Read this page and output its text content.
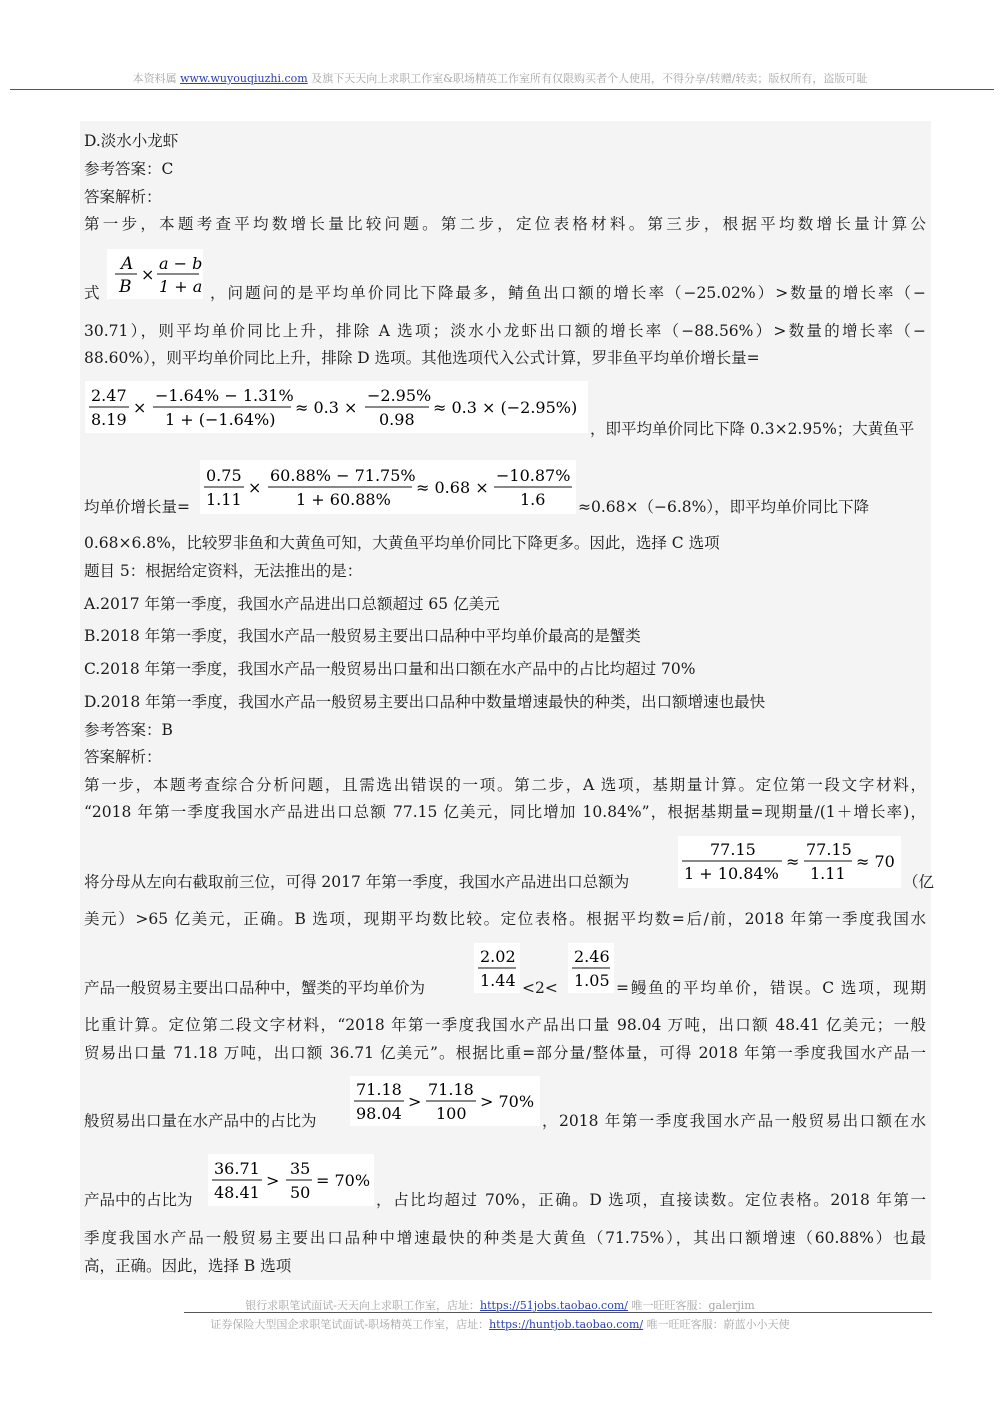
本资料属 www.wuyouqiuzhi.com 及旗下天天向上求职工作室&职场精英工作室所有仅限购买者个人使用，不得分享/转赠/转卖；版权所有，盗版可耻
D.淡水小龙虾
参考答案：C
答案解析：
第一步，本题考查平均数增长量比较问题。第二步，定位表格材料。第三步，根据平均数增长量计算公
式
A
B
×
a − b
1 + a ，问题问的是平均单价同比下降最多，鲭鱼出口额的增长率（−25.02%）>数量的增长率（−
30.71），则平均单价同比上升，排除 A 选项；淡水小龙虾出口额的增长率（−88.56%）>数量的增长率（−
88.60%），则平均单价同比上升，排除 D 选项。其他选项代入公式计算，罗非鱼平均单价增长量=
2.47
8.19
×
−1.64% − 1.31%
1 + (−1.64%)
≈ 0.3 ×
−2.95%
0.98
≈ 0.3 × (−2.95%)
，即平均单价同比下降 0.3×2.95%；大黄鱼平
均单价增长量=
0.75
1.11
×
60.88% − 71.75%
1 + 60.88%
≈ 0.68 ×
−10.87%
1.6 ≈0.68×（−6.8%），即平均单价同比下降
0.68×6.8%，比较罗非鱼和大黄鱼可知，大黄鱼平均单价同比下降更多。因此，选择 C 选项
题目 5：根据给定资料，无法推出的是：
A.2017 年第一季度，我国水产品进出口总额超过 65 亿美元
B.2018 年第一季度，我国水产品一般贸易主要出口品种中平均单价最高的是蟹类
C.2018 年第一季度，我国水产品一般贸易出口量和出口额在水产品中的占比均超过 70%
D.2018 年第一季度，我国水产品一般贸易主要出口品种中数量增速最快的种类，出口额增速也最快
参考答案：B
答案解析：
第一步，本题考查综合分析问题，且需选出错误的一项。第二步，A 选项，基期量计算。定位第一段文字材料，
“2018 年第一季度我国水产品进出口总额 77.15 亿美元，同比增加 10.84%”，根据基期量=现期量/(1＋增长率)，
将分母从左向右截取前三位，可得 2017 年第一季度，我国水产品进出口总额为
77.15
1 + 10.84%
≈
77.15
1.11
≈ 70
（亿
美元）>65 亿美元，正确。B 选项，现期平均数比较。定位表格。根据平均数=后/前，2018 年第一季度我国水
产品一般贸易主要出口品种中，蟹类的平均单价为
2.02
1.44 <2<
2.46
1.05 =鳗鱼的平均单价，错误。C 选项，现期
比重计算。定位第二段文字材料，“2018 年第一季度我国水产品出口量 98.04 万吨，出口额 48.41 亿美元；一般
贸易出口量 71.18 万吨，出口额 36.71 亿美元”。根据比重=部分量/整体量，可得 2018 年第一季度我国水产品一
般贸易出口量在水产品中的占比为
71.18
98.04
>
71.18
100
> 70%
，2018 年第一季度我国水产品一般贸易出口额在水
产品中的占比为
36.71
48.41
>
35
50
= 70%
，占比均超过 70%，正确。D 选项，直接读数。定位表格。2018 年第一
季度我国水产品一般贸易主要出口品种中增速最快的种类是大黄鱼（71.75%），其出口额增速（60.88%）也最
高，正确。因此，选择 B 选项
银行求职笔试面试-天天向上求职工作室，店址：https://51jobs.taobao.com/ 唯一旺旺客服：galerjim
证券保险大型国企求职笔试面试-职场精英工作室，店址：https://huntjob.taobao.com/ 唯一旺旺客服：蔚蓝小小天使
